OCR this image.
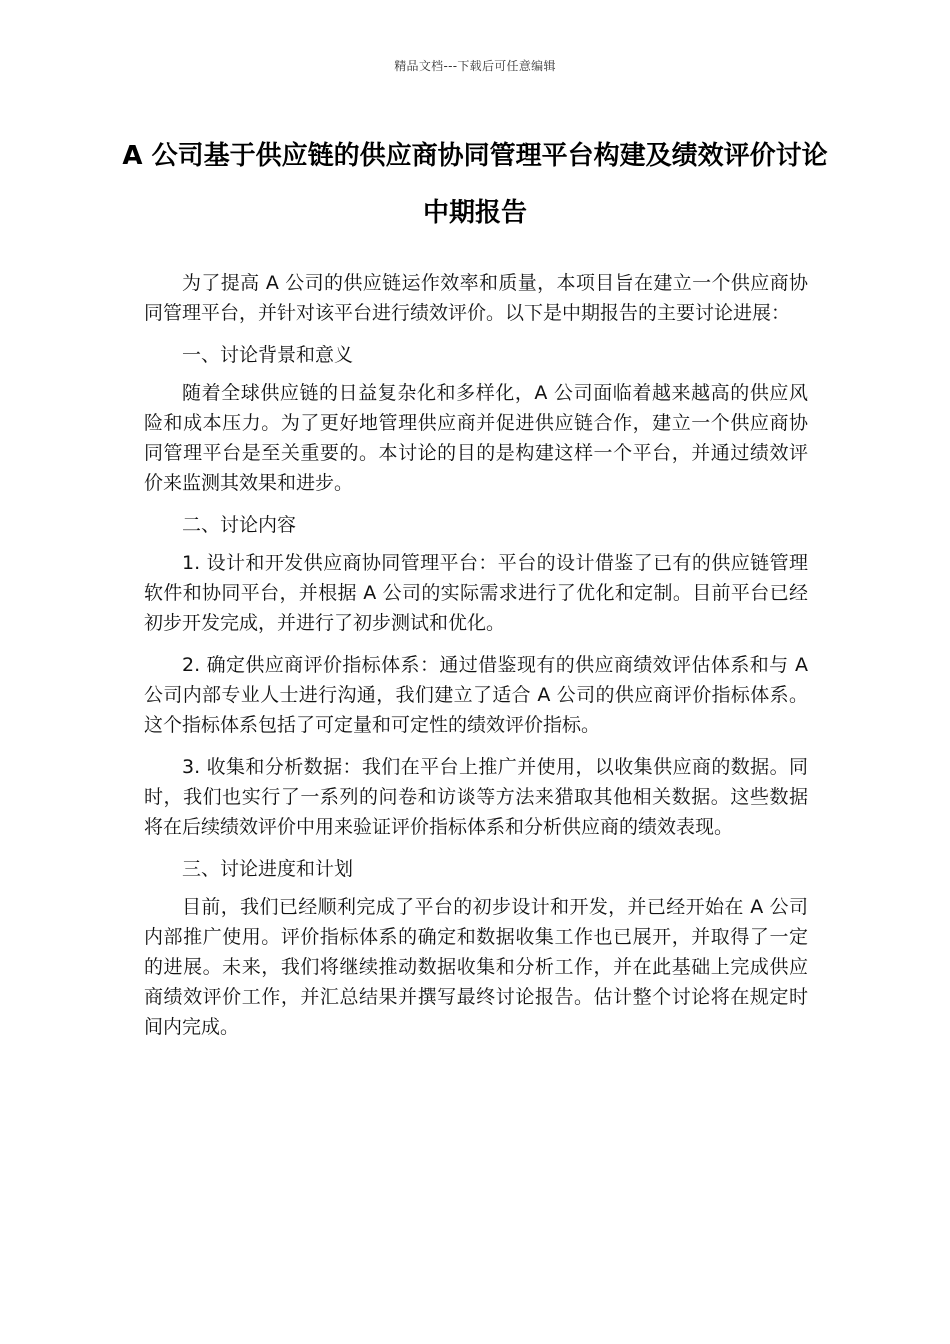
精品文档---下载后可任意编辑
A 公司基于供应链的供应商协同管理平台构建及绩效评价讨论中期报告

为了提高 A 公司的供应链运作效率和质量，本项目旨在建立一个供应商协同管理平台，并针对该平台进行绩效评价。以下是中期报告的主要讨论进展：

一、讨论背景和意义

随着全球供应链的日益复杂化和多样化，A 公司面临着越来越高的供应风险和成本压力。为了更好地管理供应商并促进供应链合作，建立一个供应商协同管理平台是至关重要的。本讨论的目的是构建这样一个平台，并通过绩效评价来监测其效果和进步。

二、讨论内容

1. 设计和开发供应商协同管理平台：平台的设计借鉴了已有的供应链管理软件和协同平台，并根据 A 公司的实际需求进行了优化和定制。目前平台已经初步开发完成，并进行了初步测试和优化。

2. 确定供应商评价指标体系：通过借鉴现有的供应商绩效评估体系和与 A 公司内部专业人士进行沟通，我们建立了适合 A 公司的供应商评价指标体系。这个指标体系包括了可定量和可定性的绩效评价指标。

3. 收集和分析数据：我们在平台上推广并使用，以收集供应商的数据。同时，我们也实行了一系列的问卷和访谈等方法来猎取其他相关数据。这些数据将在后续绩效评价中用来验证评价指标体系和分析供应商的绩效表现。

三、讨论进度和计划

目前，我们已经顺利完成了平台的初步设计和开发，并已经开始在 A 公司内部推广使用。评价指标体系的确定和数据收集工作也已展开，并取得了一定的进展。未来，我们将继续推动数据收集和分析工作，并在此基础上完成供应商绩效评价工作，并汇总结果并撰写最终讨论报告。估计整个讨论将在规定时间内完成。
